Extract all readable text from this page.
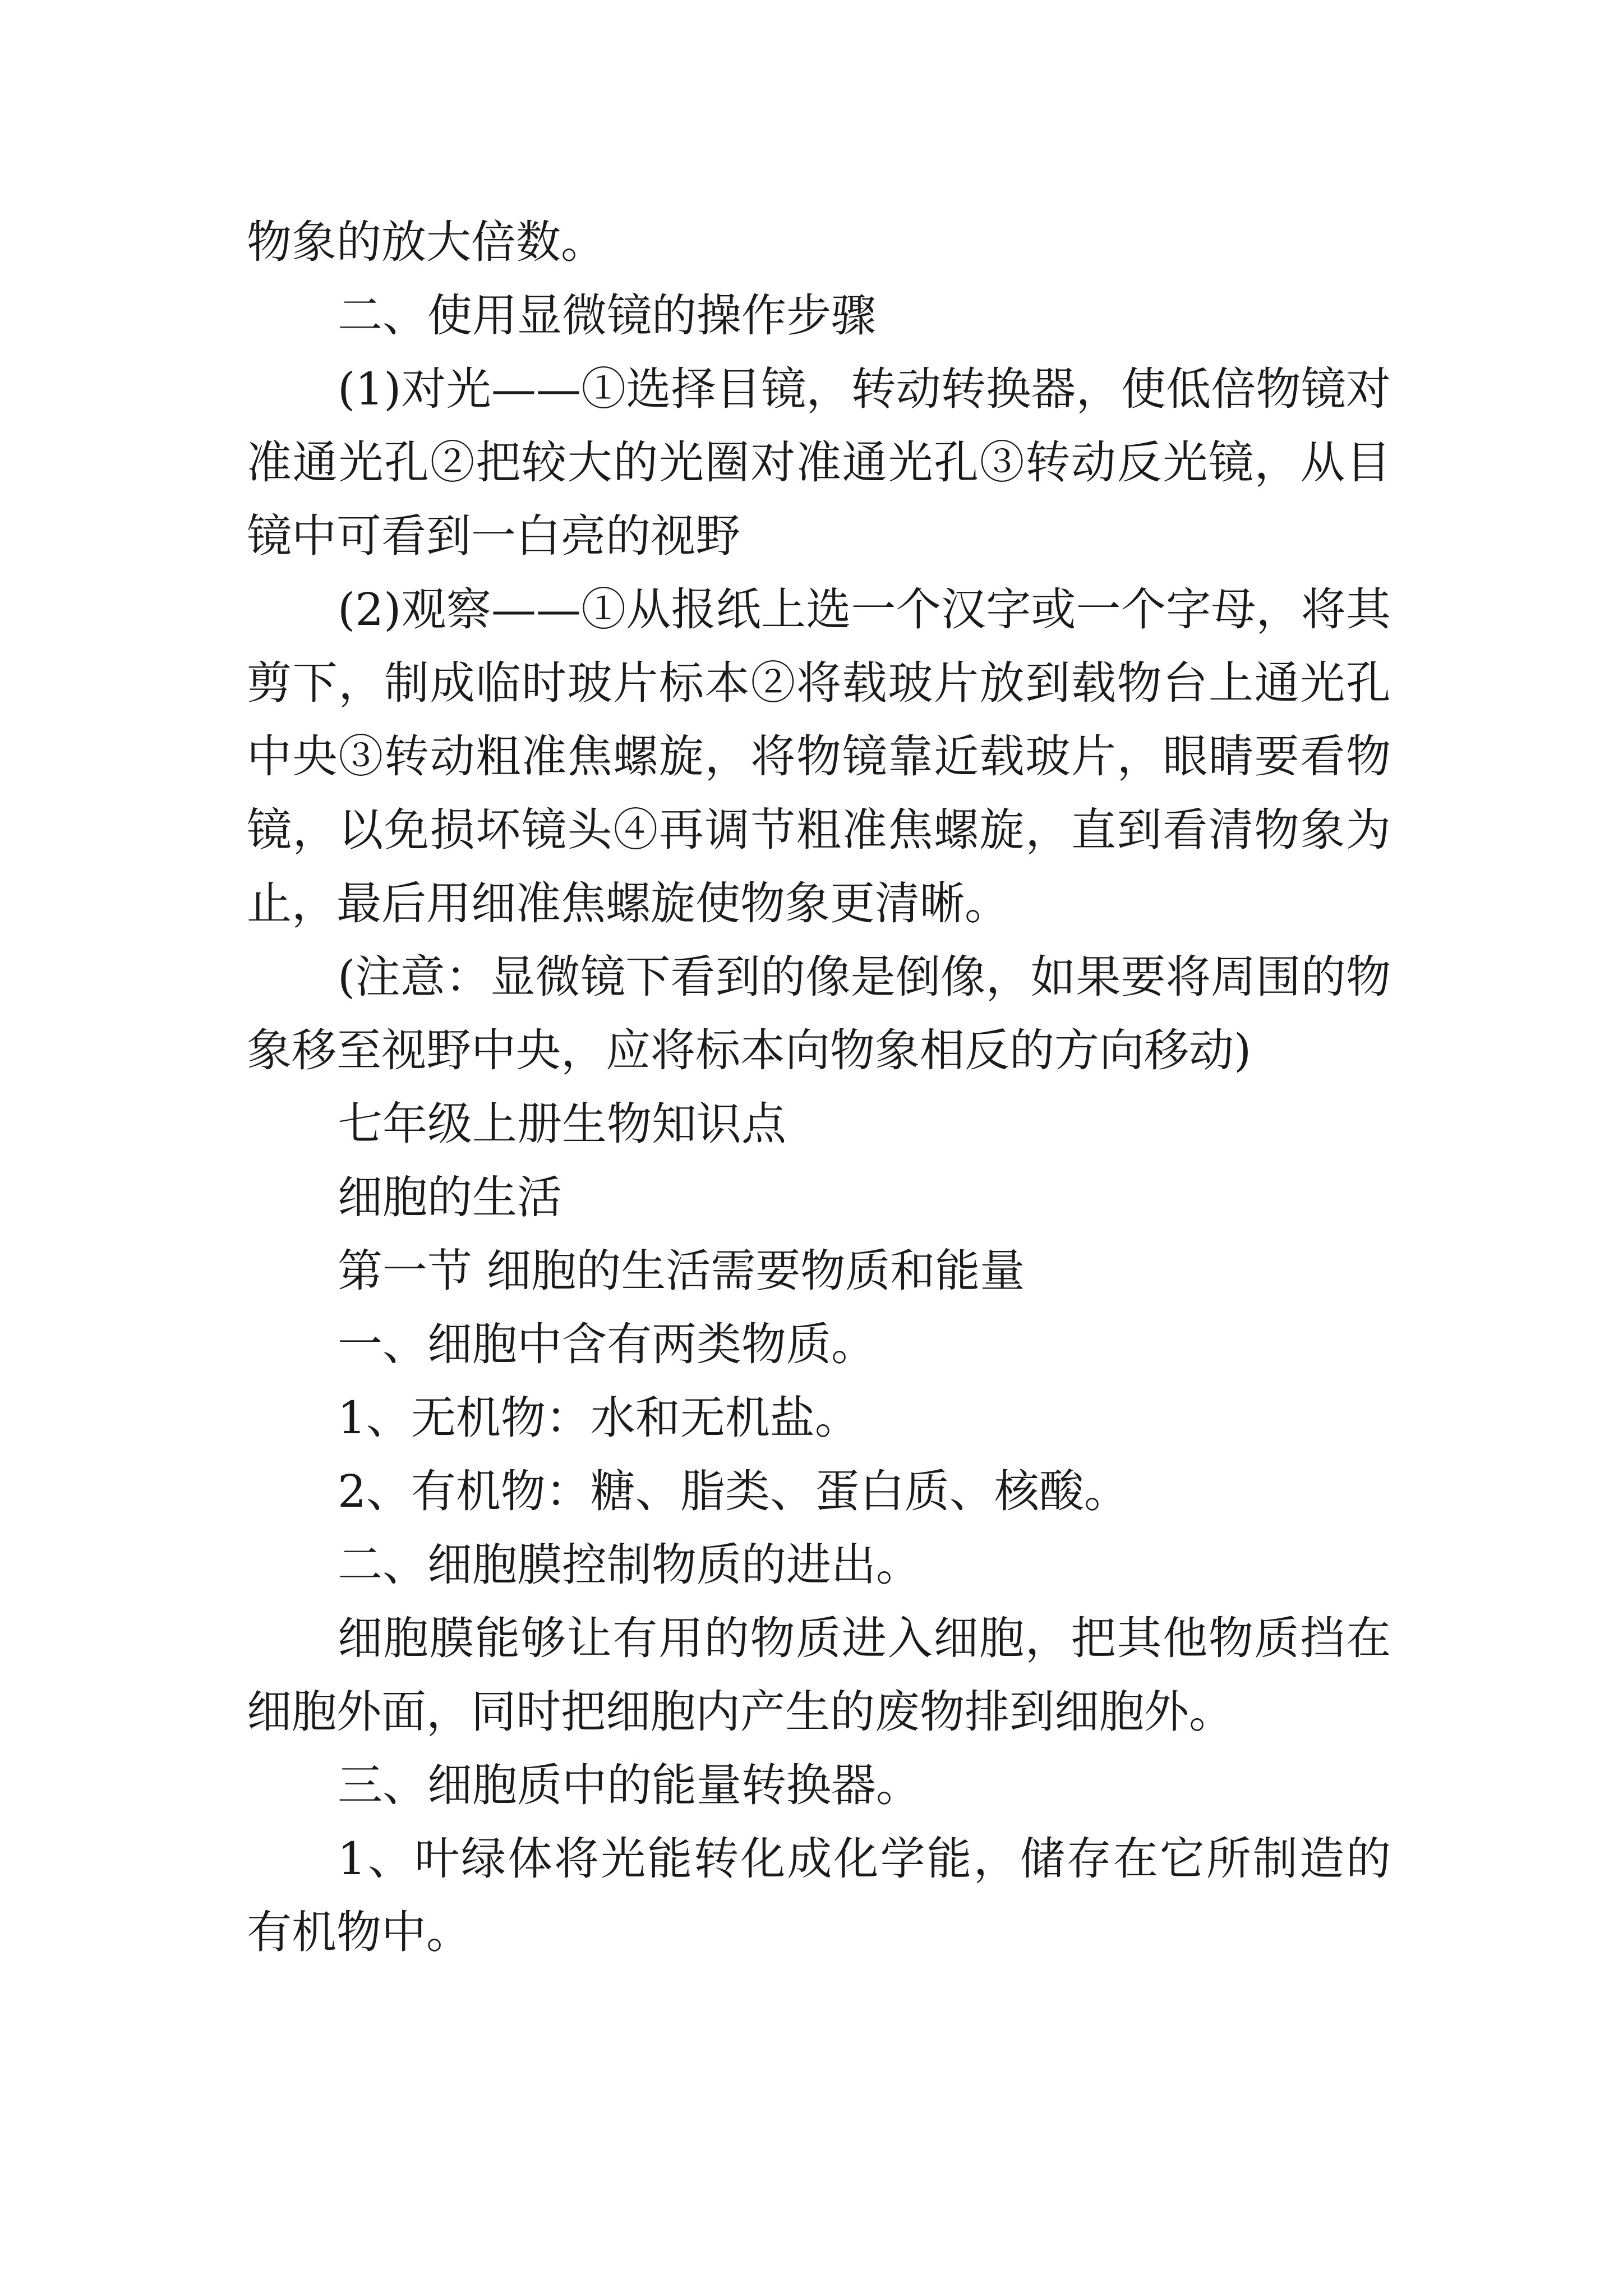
物象的放大倍数。

二、使用显微镜的操作步骤

(1)对光——①选择目镜，转动转换器，使低倍物镜对准通光孔②把较大的光圈对准通光孔③转动反光镜，从目镜中可看到一白亮的视野

(2)观察——①从报纸上选一个汉字或一个字母，将其剪下，制成临时玻片标本②将载玻片放到载物台上通光孔中央③转动粗准焦螺旋，将物镜靠近载玻片，眼睛要看物镜，以免损坏镜头④再调节粗准焦螺旋，直到看清物象为止，最后用细准焦螺旋使物象更清晰。

(注意：显微镜下看到的像是倒像，如果要将周围的物象移至视野中央，应将标本向物象相反的方向移动)

七年级上册生物知识点

细胞的生活

第一节 细胞的生活需要物质和能量

一、细胞中含有两类物质。

1、无机物：水和无机盐。

2、有机物：糖、脂类、蛋白质、核酸。

二、细胞膜控制物质的进出。

细胞膜能够让有用的物质进入细胞，把其他物质挡在细胞外面，同时把细胞内产生的废物排到细胞外。

三、细胞质中的能量转换器。

1、叶绿体将光能转化成化学能，储存在它所制造的有机物中。
